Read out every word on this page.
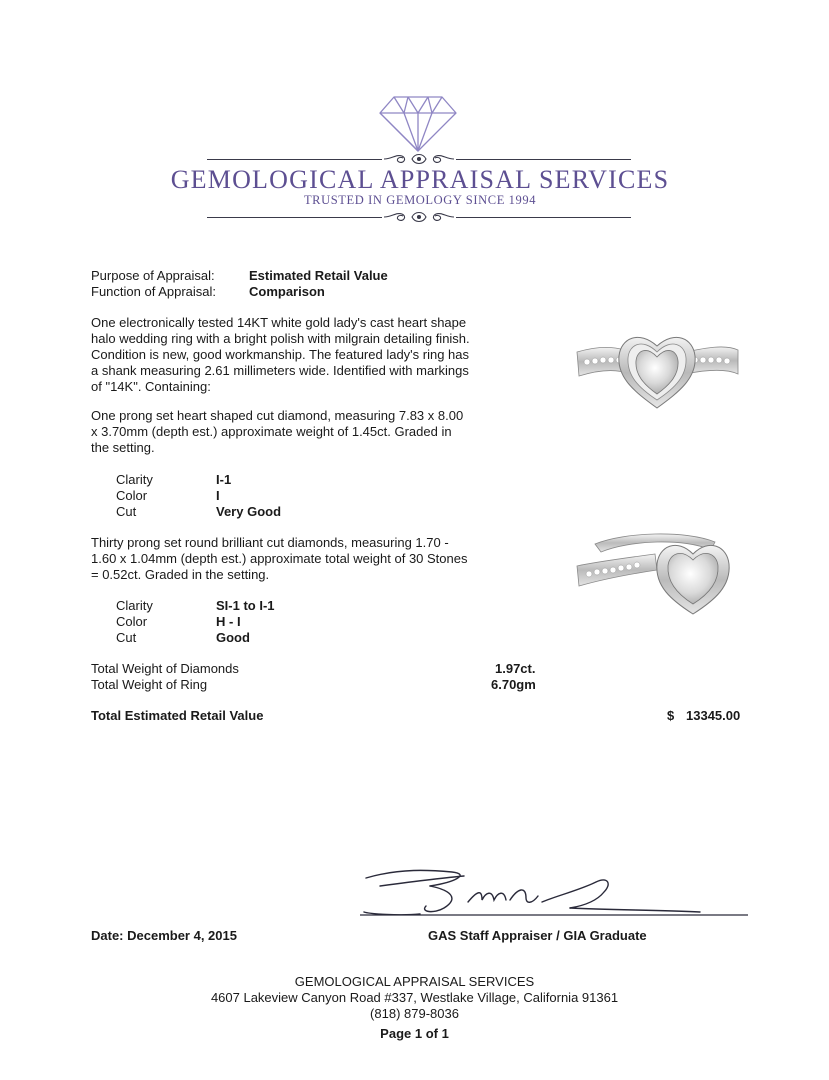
GEMOLOGICAL APPRAISAL SERVICES
TRUSTED IN GEMOLOGY SINCE 1994
Purpose of Appraisal:	Estimated Retail Value
Function of Appraisal:	Comparison
One electronically tested 14KT white gold lady's cast heart shape
halo wedding ring with a bright polish with milgrain detailing finish.
Condition is new, good workmanship. The featured lady's ring has
a shank measuring 2.61 millimeters wide. Identified with markings
of "14K". Containing:
One prong set heart shaped cut diamond, measuring 7.83 x 8.00
x 3.70mm (depth est.) approximate weight of 1.45ct. Graded in
the setting.
Clarity	I-1
Color	I
Cut	Very Good
Thirty prong set round brilliant cut diamonds, measuring 1.70 -
1.60 x 1.04mm (depth est.) approximate total weight of 30 Stones
= 0.52ct. Graded in the setting.
Clarity	SI-1 to I-1
Color	H - I
Cut	Good
Total Weight of Diamonds	1.97ct.
Total Weight of Ring	6.70gm
Total Estimated Retail Value	$ 13345.00
Date: December 4, 2015	GAS Staff Appraiser / GIA Graduate
GEMOLOGICAL APPRAISAL SERVICES
4607 Lakeview Canyon Road #337, Westlake Village, California 91361
(818) 879-8036
Page 1 of 1
